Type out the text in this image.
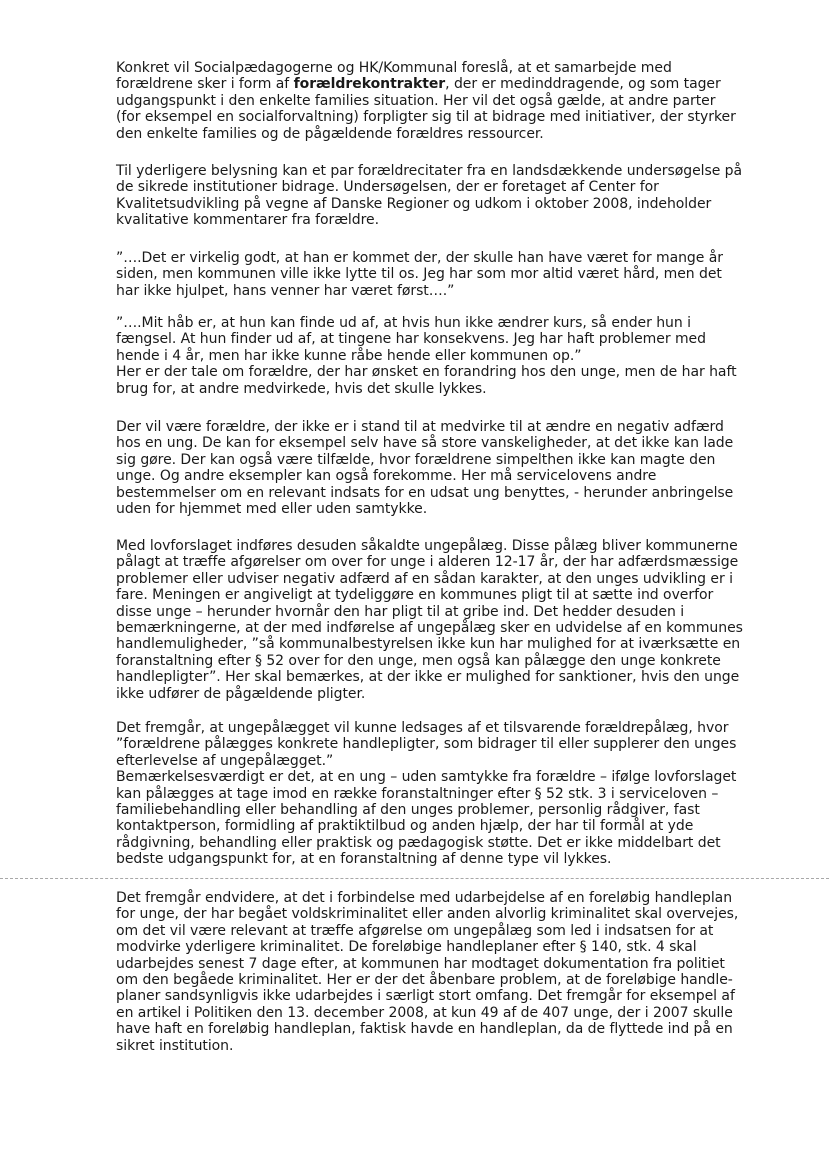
Konkret vil Socialpædagogerne og HK/Kommunal foreslå, at et samarbejde med
forældrene sker i form af forældrekontrakter, der er medinddragende, og som tager
udgangspunkt i den enkelte families situation. Her vil det også gælde, at andre parter
(for eksempel en socialforvaltning) forpligter sig til at bidrage med initiativer, der styrker
den enkelte families og de pågældende forældres ressourcer.
Til yderligere belysning kan et par forældrecitater fra en landsdækkende undersøgelse på
de sikrede institutioner bidrage. Undersøgelsen, der er foretaget af Center for
Kvalitetsudvikling på vegne af Danske Regioner og udkom i oktober 2008, indeholder
kvalitative kommentarer fra forældre.
”….Det er virkelig godt, at han er kommet der, der skulle han have været for mange år
siden, men kommunen ville ikke lytte til os. Jeg har som mor altid været hård, men det
har ikke hjulpet, hans venner har været først….”
”….Mit håb er, at hun kan finde ud af, at hvis hun ikke ændrer kurs, så ender hun i
fængsel. At hun finder ud af, at tingene har konsekvens. Jeg har haft problemer med
hende i 4 år, men har ikke kunne råbe hende eller kommunen op.”
Her er der tale om forældre, der har ønsket en forandring hos den unge, men de har haft
brug for, at andre medvirkede, hvis det skulle lykkes.
Der vil være forældre, der ikke er i stand til at medvirke til at ændre en negativ adfærd
hos en ung. De kan for eksempel selv have så store vanskeligheder, at det ikke kan lade
sig gøre. Der kan også være tilfælde, hvor forældrene simpelthen ikke kan magte den
unge. Og andre eksempler kan også forekomme. Her må servicelovens andre
bestemmelser om en relevant indsats for en udsat ung benyttes, - herunder anbringelse
uden for hjemmet med eller uden samtykke.
Med lovforslaget indføres desuden såkaldte ungepålæg. Disse pålæg bliver kommunerne
pålagt at træffe afgørelser om over for unge i alderen 12-17 år, der har adfærdsmæssige
problemer eller udviser negativ adfærd af en sådan karakter, at den unges udvikling er i
fare. Meningen er angiveligt at tydeliggøre en kommunes pligt til at sætte ind overfor
disse unge – herunder hvornår den har pligt til at gribe ind. Det hedder desuden i
bemærkningerne, at der med indførelse af ungepålæg sker en udvidelse af en kommunes
handlemuligheder, ”så kommunalbestyrelsen ikke kun har mulighed for at iværksætte en
foranstaltning efter § 52 over for den unge, men også kan pålægge den unge konkrete
handlepligter”. Her skal bemærkes, at der ikke er mulighed for sanktioner, hvis den unge
ikke udfører de pågældende pligter.
Det fremgår, at ungepålægget vil kunne ledsages af et tilsvarende forældrepålæg, hvor
”forældrene pålægges konkrete handlepligter, som bidrager til eller supplerer den unges
efterlevelse af ungepålægget.”
Bemærkelsesværdigt er det, at en ung – uden samtykke fra forældre – ifølge lovforslaget
kan pålægges at tage imod en række foranstaltninger efter § 52 stk. 3 i serviceloven –
familiebehandling eller behandling af den unges problemer, personlig rådgiver, fast
kontaktperson, formidling af praktiktilbud og anden hjælp, der har til formål at yde
rådgivning, behandling eller praktisk og pædagogisk støtte. Det er ikke middelbart det
bedste udgangspunkt for, at en foranstaltning af denne type vil lykkes.
Det fremgår endvidere, at det i forbindelse med udarbejdelse af en foreløbig handleplan
for unge, der har begået voldskriminalitet eller anden alvorlig kriminalitet skal overvejes,
om det vil være relevant at træffe afgørelse om ungepålæg som led i indsatsen for at
modvirke yderligere kriminalitet. De foreløbige handleplaner efter § 140, stk. 4 skal
udarbejdes senest 7 dage efter, at kommunen har modtaget dokumentation fra politiet
om den begåede kriminalitet. Her er der det åbenbare problem, at de foreløbige handle-
planer sandsynligvis ikke udarbejdes i særligt stort omfang. Det fremgår for eksempel af
en artikel i Politiken den 13. december 2008, at kun 49 af de 407 unge, der i 2007 skulle
have haft en foreløbig handleplan, faktisk havde en handleplan, da de flyttede ind på en
sikret institution.
